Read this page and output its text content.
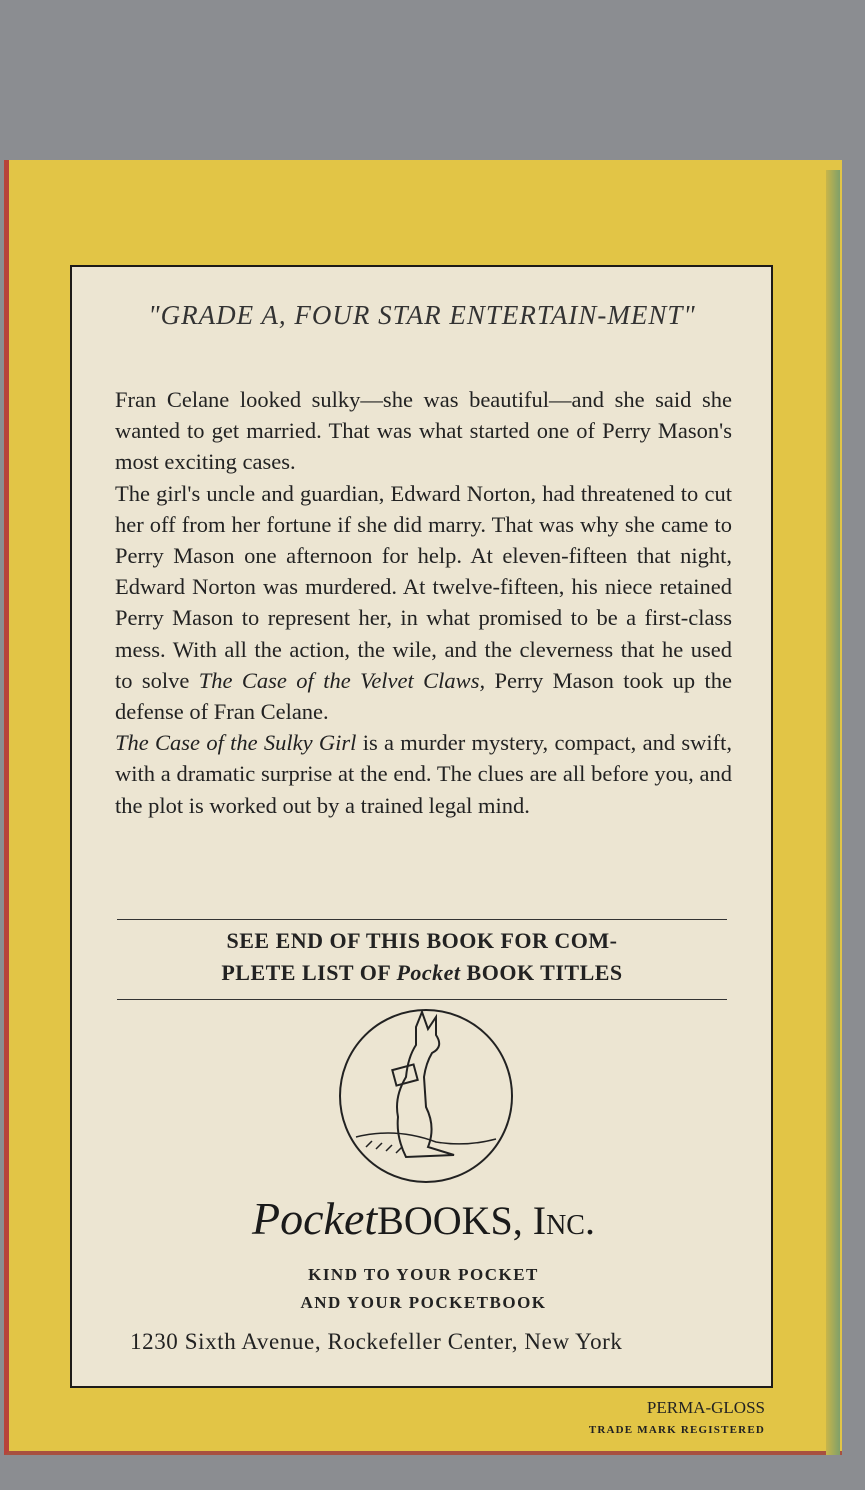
"GRADE A, FOUR STAR ENTERTAIN-MENT"

Fran Celane looked sulky—she was beautiful—and she said she wanted to get married. That was what started one of Perry Mason's most exciting cases.

The girl's uncle and guardian, Edward Norton, had threatened to cut her off from her fortune if she did marry. That was why she came to Perry Mason one afternoon for help. At eleven-fifteen that night, Edward Norton was murdered. At twelve-fifteen, his niece retained Perry Mason to represent her, in what promised to be a first-class mess. With all the action, the wile, and the cleverness that he used to solve The Case of the Velvet Claws, Perry Mason took up the defense of Fran Celane.

The Case of the Sulky Girl is a murder mystery, compact, and swift, with a dramatic surprise at the end. The clues are all before you, and the plot is worked out by a trained legal mind.

SEE END OF THIS BOOK FOR COM-
PLETE LIST OF Pocket BOOK TITLES
PocketBOOKS, Inc.
KIND TO YOUR POCKET
AND YOUR POCKETBOOK
1230 Sixth Avenue, Rockefeller Center, New York
PERMA-GLOSS
TRADE MARK REGISTERED
